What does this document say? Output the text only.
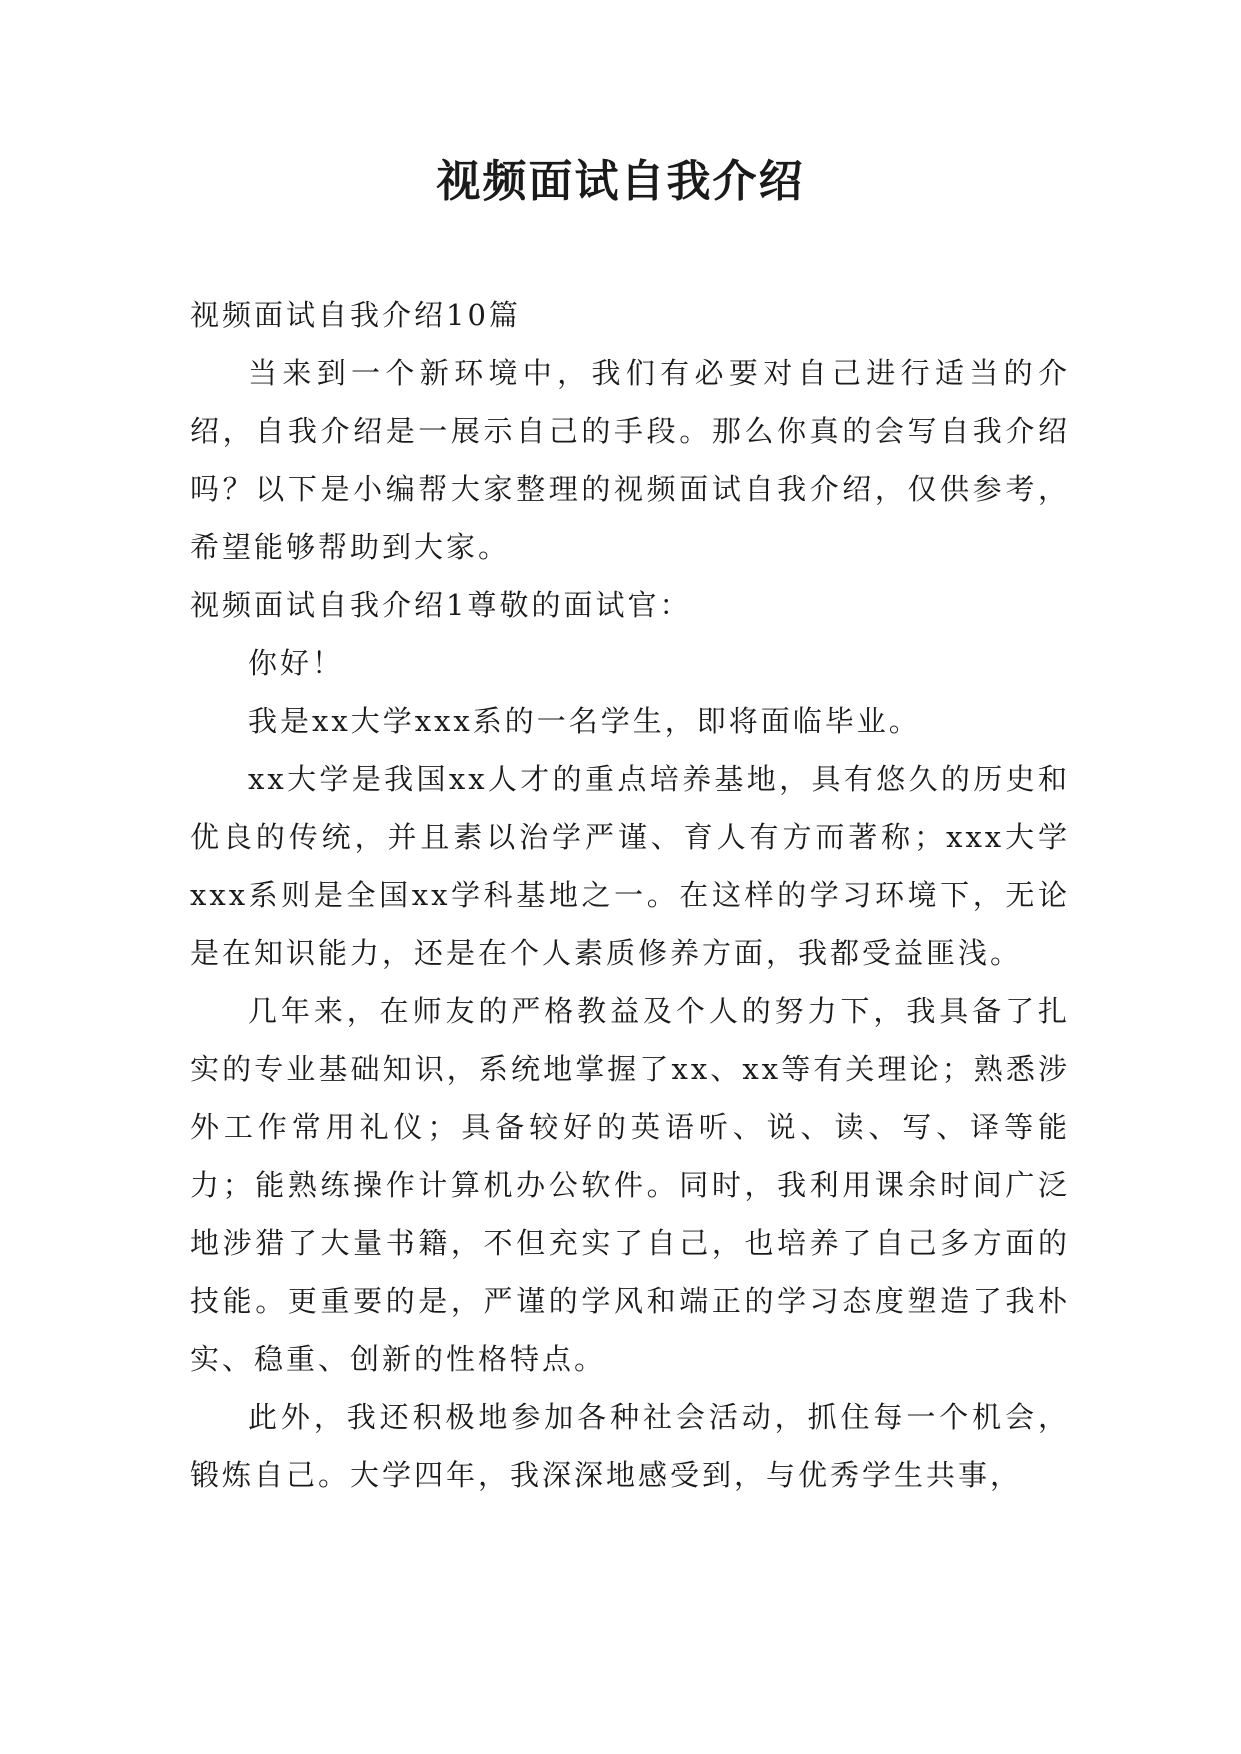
视频面试自我介绍

视频面试自我介绍10篇

当来到一个新环境中，我们有必要对自己进行适当的介绍，自我介绍是一展示自己的手段。那么你真的会写自我介绍吗？以下是小编帮大家整理的视频面试自我介绍，仅供参考，希望能够帮助到大家。

视频面试自我介绍1尊敬的面试官：

你好！

我是xx大学xxx系的一名学生，即将面临毕业。

xx大学是我国xx人才的重点培养基地，具有悠久的历史和优良的传统，并且素以治学严谨、育人有方而著称；xxx大学xxx系则是全国xx学科基地之一。在这样的学习环境下，无论是在知识能力，还是在个人素质修养方面，我都受益匪浅。

几年来，在师友的严格教益及个人的努力下，我具备了扎实的专业基础知识，系统地掌握了xx、xx等有关理论；熟悉涉外工作常用礼仪；具备较好的英语听、说、读、写、译等能力；能熟练操作计算机办公软件。同时，我利用课余时间广泛地涉猎了大量书籍，不但充实了自己，也培养了自己多方面的技能。更重要的是，严谨的学风和端正的学习态度塑造了我朴实、稳重、创新的性格特点。

此外，我还积极地参加各种社会活动，抓住每一个机会，锻炼自己。大学四年，我深深地感受到，与优秀学生共事，
